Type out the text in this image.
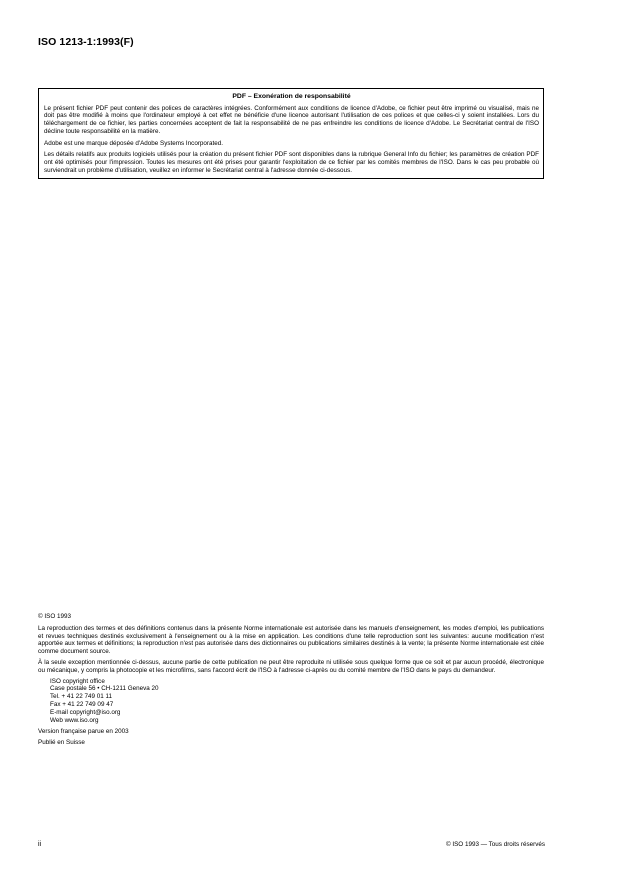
ISO 1213-1:1993(F)
PDF – Exonération de responsabilité

Le présent fichier PDF peut contenir des polices de caractères intégrées. Conformément aux conditions de licence d'Adobe, ce fichier peut être imprimé ou visualisé, mais ne doit pas être modifié à moins que l'ordinateur employé à cet effet ne bénéficie d'une licence autorisant l'utilisation de ces polices et que celles-ci y soient installées. Lors du téléchargement de ce fichier, les parties concernées acceptent de fait la responsabilité de ne pas enfreindre les conditions de licence d'Adobe. Le Secrétariat central de l'ISO décline toute responsabilité en la matière.

Adobe est une marque déposée d'Adobe Systems Incorporated.

Les détails relatifs aux produits logiciels utilisés pour la création du présent fichier PDF sont disponibles dans la rubrique General Info du fichier; les paramètres de création PDF ont été optimisés pour l'impression. Toutes les mesures ont été prises pour garantir l'exploitation de ce fichier par les comités membres de l'ISO. Dans le cas peu probable où surviendrait un problème d'utilisation, veuillez en informer le Secrétariat central à l'adresse donnée ci-dessous.

© ISO 1993

La reproduction des termes et des définitions contenus dans la présente Norme internationale est autorisée dans les manuels d'enseignement, les modes d'emploi, les publications et revues techniques destinés exclusivement à l'enseignement ou à la mise en application. Les conditions d'une telle reproduction sont les suivantes: aucune modification n'est apportée aux termes et définitions; la reproduction n'est pas autorisée dans des dictionnaires ou publications similaires destinés à la vente; la présente Norme internationale est citée comme document source.

À la seule exception mentionnée ci-dessus, aucune partie de cette publication ne peut être reproduite ni utilisée sous quelque forme que ce soit et par aucun procédé, électronique ou mécanique, y compris la photocopie et les microfilms, sans l'accord écrit de l'ISO à l'adresse ci-après ou du comité membre de l'ISO dans le pays du demandeur.

ISO copyright office
Case postale 56 • CH-1211 Geneva 20
Tel. + 41 22 749 01 11
Fax + 41 22 749 09 47
E-mail copyright@iso.org
Web www.iso.org

Version française parue en 2003

Publié en Suisse

ii	© ISO 1993 — Tous droits réservés
